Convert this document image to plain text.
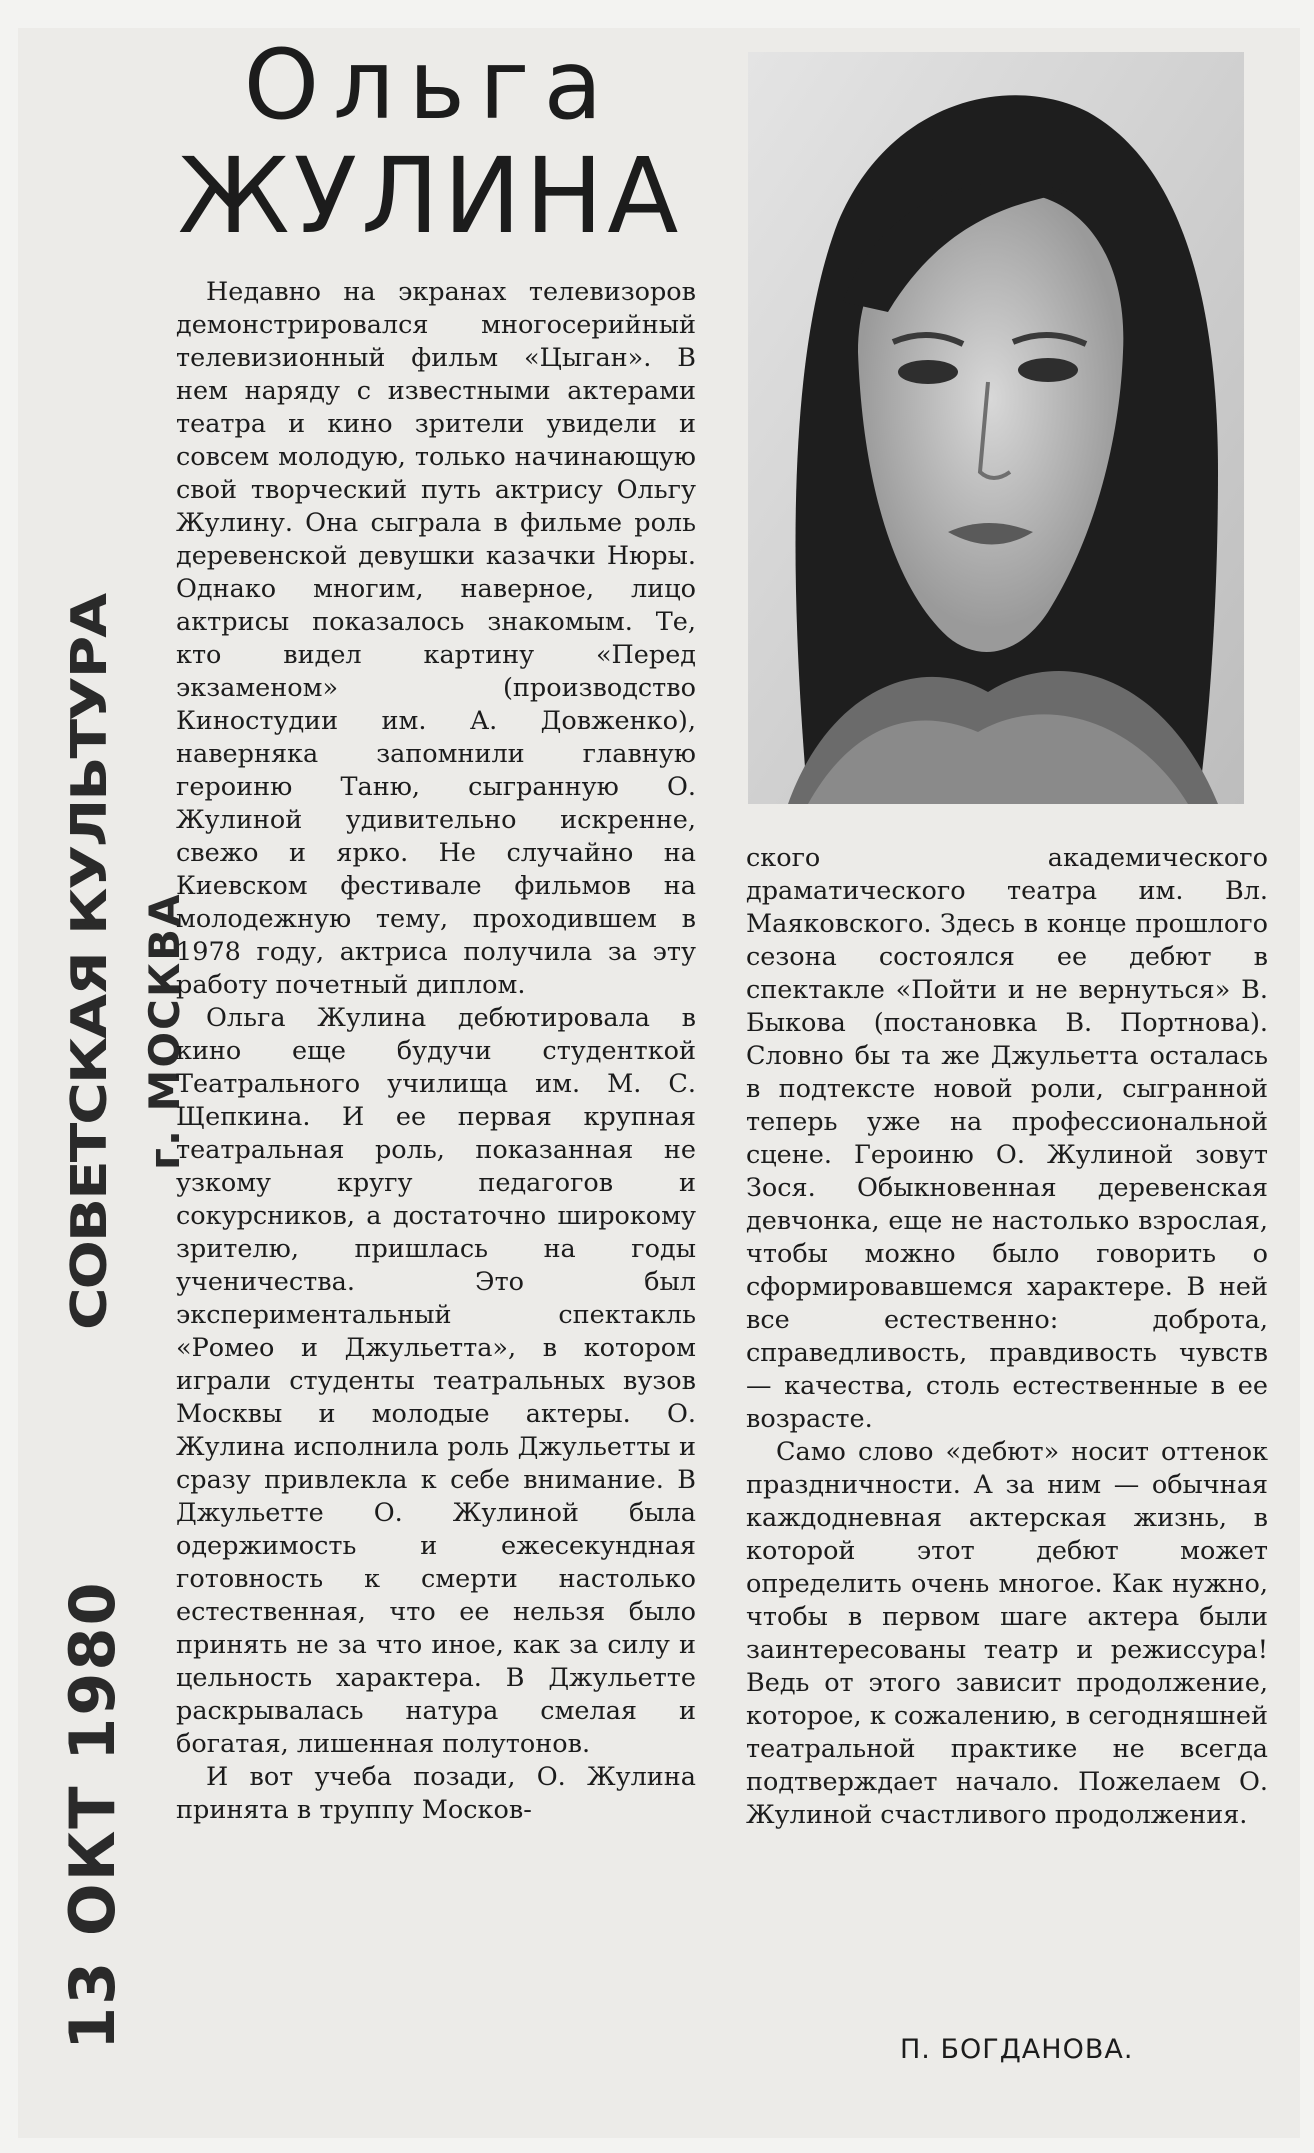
СОВЕТСКАЯ КУЛЬТУРА г. МОСКВА
13 ОКТ 1980
Ольга
ЖУЛИНА

Недавно на экранах телевизоров демонстрировался многосерийный телевизионный фильм «Цыган». В нем наряду с известными актерами театра и кино зрители увидели и совсем молодую, только начинающую свой творческий путь актрису Ольгу Жулину. Она сыграла в фильме роль деревенской девушки казачки Нюры. Однако многим, наверное, лицо актрисы показалось знакомым. Те, кто видел картину «Перед экзаменом» (производство Киностудии им. А. Довженко), наверняка запомнили главную героиню Таню, сыгранную О. Жулиной удивительно искренне, свежо и ярко. Не случайно на Киевском фестивале фильмов на молодежную тему, проходившем в 1978 году, актриса получила за эту работу почетный диплом.

Ольга Жулина дебютировала в кино еще будучи студенткой Театрального училища им. М. С. Щепкина. И ее первая крупная театральная роль, показанная не узкому кругу педагогов и сокурсников, а достаточно широкому зрителю, пришлась на годы ученичества. Это был экспериментальный спектакль «Ромео и Джульетта», в котором играли студенты театральных вузов Москвы и молодые актеры. О. Жулина исполнила роль Джульетты и сразу привлекла к себе внимание. В Джульетте О. Жулиной была одержимость и ежесекундная готовность к смерти настолько естественная, что ее нельзя было принять не за что иное, как за силу и цельность характера. В Джульетте раскрывалась натура смелая и богатая, лишенная полутонов.

И вот учеба позади, О. Жулина принята в труппу Москов-

ского академического драматического театра им. Вл. Маяковского. Здесь в конце прошлого сезона состоялся ее дебют в спектакле «Пойти и не вернуться» В. Быкова (постановка В. Портнова). Словно бы та же Джульетта осталась в подтексте новой роли, сыгранной теперь уже на профессиональной сцене. Героиню О. Жулиной зовут Зося. Обыкновенная деревенская девчонка, еще не настолько взрослая, чтобы можно было говорить о сформировавшемся характере. В ней все естественно: доброта, справедливость, правдивость чувств — качества, столь естественные в ее возрасте.

Само слово «дебют» носит оттенок праздничности. А за ним — обычная каждодневная актерская жизнь, в которой этот дебют может определить очень многое. Как нужно, чтобы в первом шаге актера были заинтересованы театр и режиссура! Ведь от этого зависит продолжение, которое, к сожалению, в сегодняшней театральной практике не всегда подтверждает начало. Пожелаем О. Жулиной счастливого продолжения.

П. БОГДАНОВА.
